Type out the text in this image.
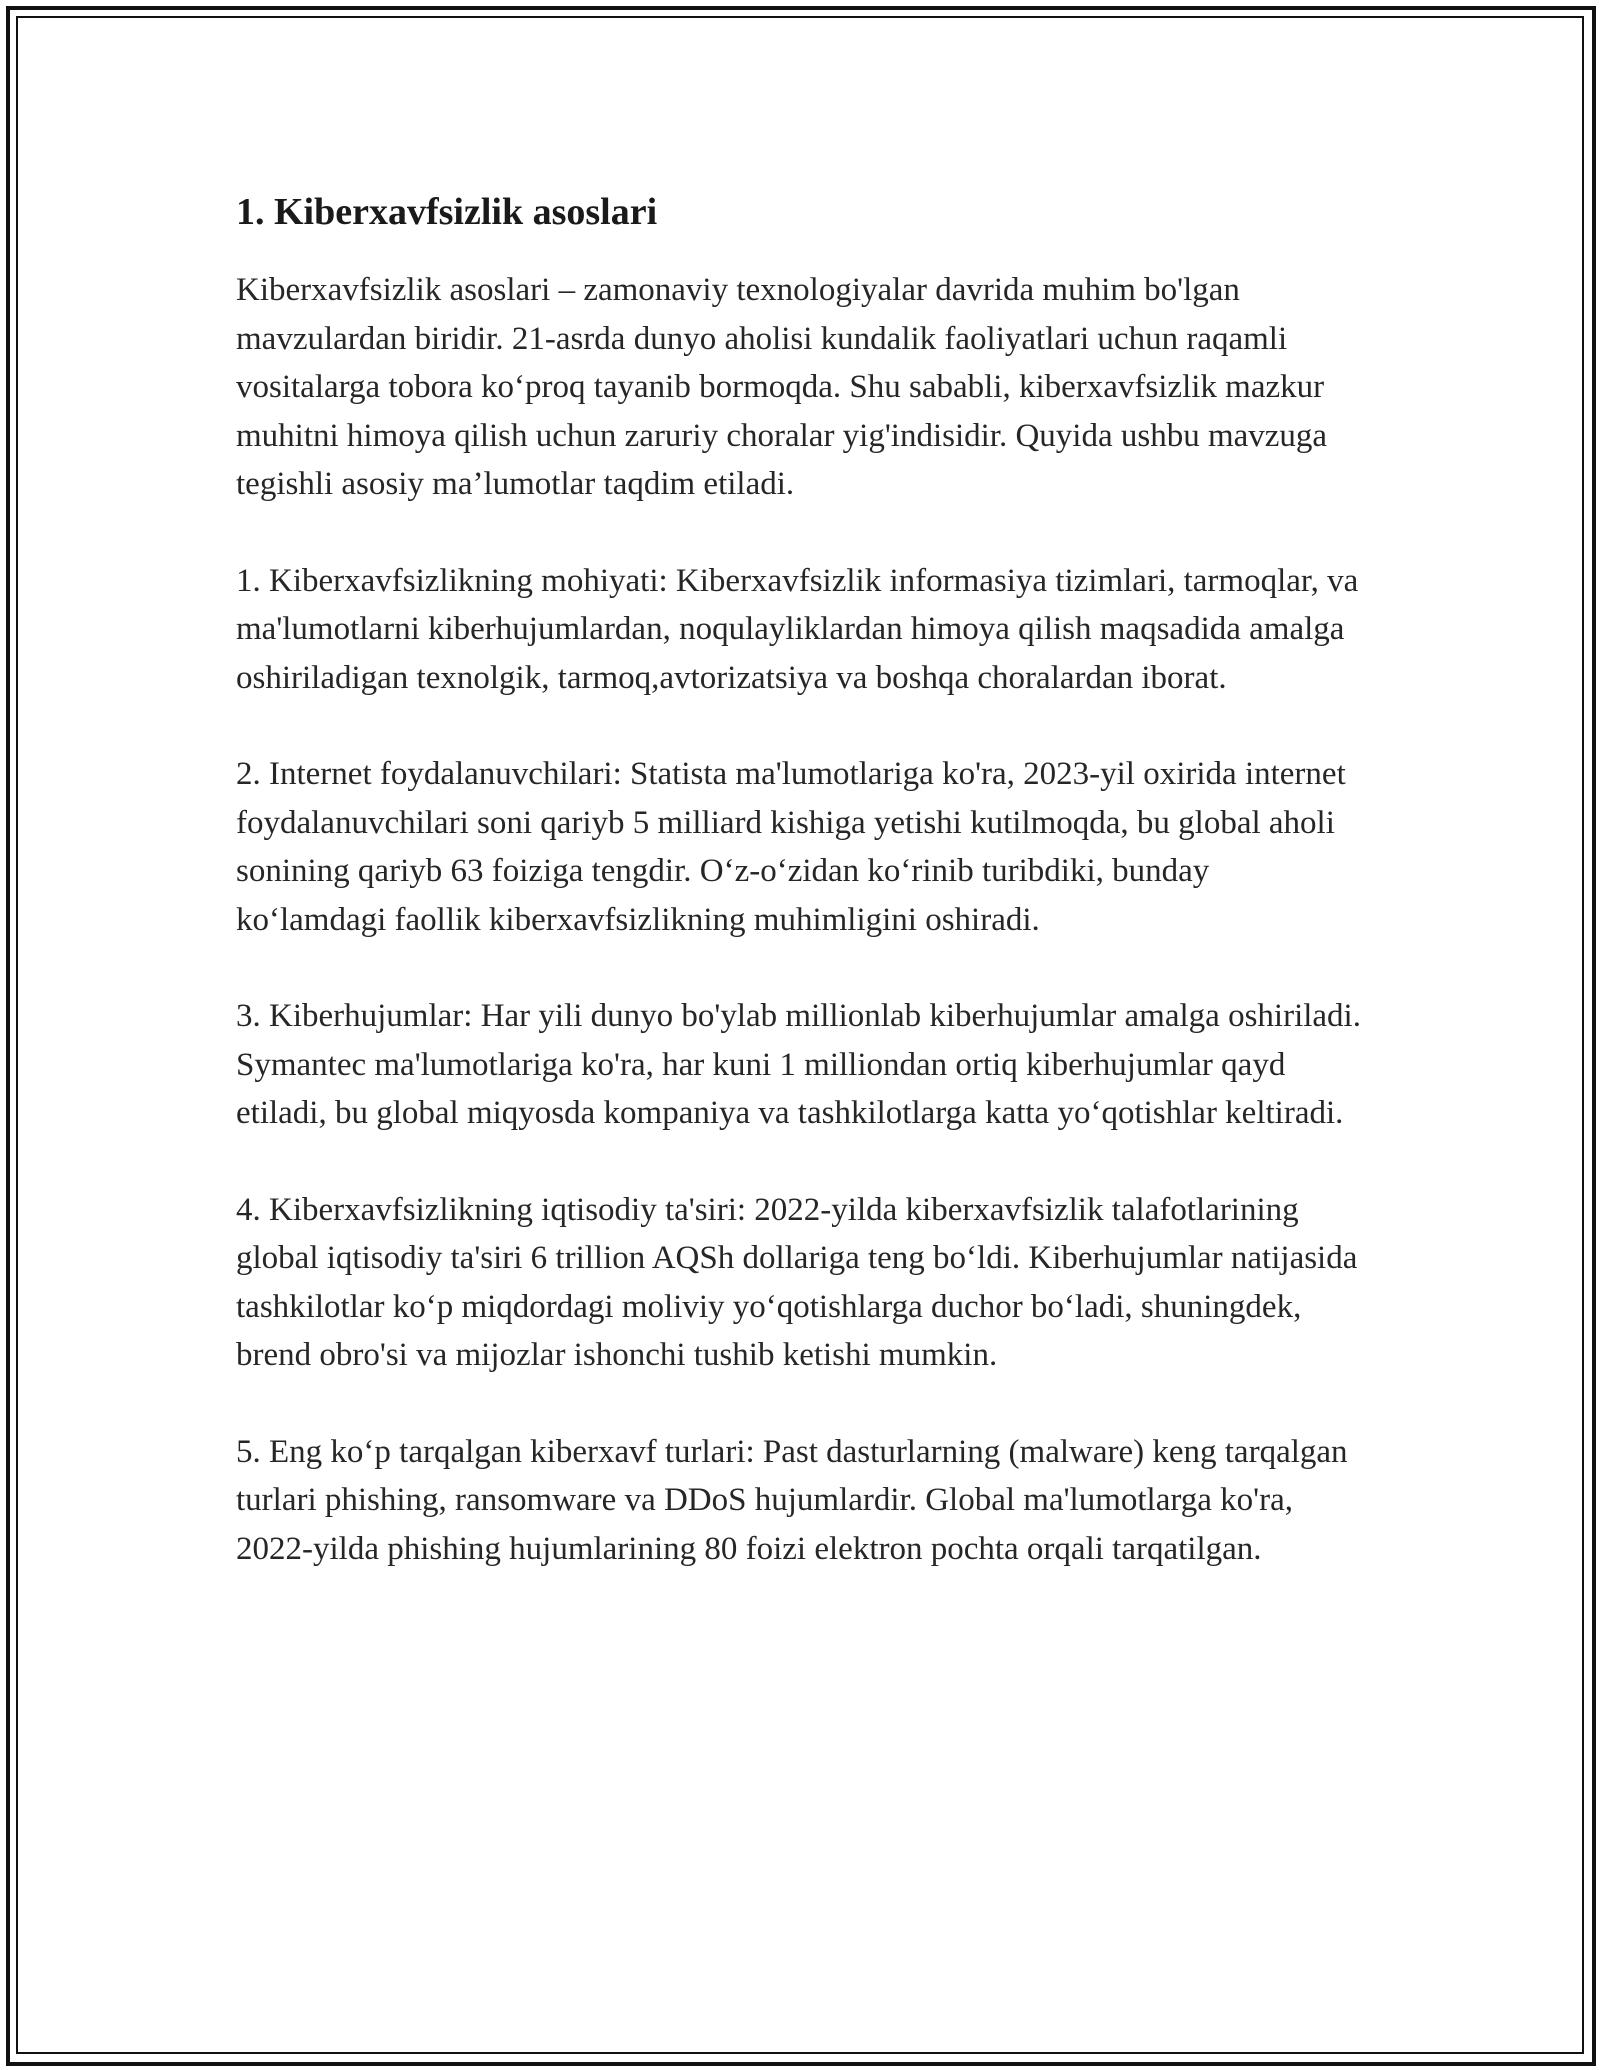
1. Kiberxavfsizlik asoslari

Kiberxavfsizlik asoslari – zamonaviy texnologiyalar davrida muhim bo'lgan mavzulardan biridir. 21-asrda dunyo aholisi kundalik faoliyatlari uchun raqamli vositalarga tobora ko‘proq tayanib bormoqda. Shu sababli, kiberxavfsizlik mazkur muhitni himoya qilish uchun zaruriy choralar yig'indisidir. Quyida ushbu mavzuga tegishli asosiy ma’lumotlar taqdim etiladi.

1. Kiberxavfsizlikning mohiyati: Kiberxavfsizlik informasiya tizimlari, tarmoqlar, va ma'lumotlarni kiberhujumlardan, noqulayliklardan himoya qilish maqsadida amalga oshiriladigan texnolgik, tarmoq,avtorizatsiya va boshqa choralardan iborat.

2. Internet foydalanuvchilari: Statista ma'lumotlariga ko'ra, 2023-yil oxirida internet foydalanuvchilari soni qariyb 5 milliard kishiga yetishi kutilmoqda, bu global aholi sonining qariyb 63 foiziga tengdir. O‘z-o‘zidan ko‘rinib turibdiki, bunday ko‘lamdagi faollik kiberxavfsizlikning muhimligini oshiradi.

3. Kiberhujumlar: Har yili dunyo bo'ylab millionlab kiberhujumlar amalga oshiriladi. Symantec ma'lumotlariga ko'ra, har kuni 1 milliondan ortiq kiberhujumlar qayd etiladi, bu global miqyosda kompaniya va tashkilotlarga katta yo‘qotishlar keltiradi.

4. Kiberxavfsizlikning iqtisodiy ta'siri: 2022-yilda kiberxavfsizlik talafotlarining global iqtisodiy ta'siri 6 trillion AQSh dollariga teng bo‘ldi. Kiberhujumlar natijasida tashkilotlar ko‘p miqdordagi moliviy yo‘qotishlarga duchor bo‘ladi, shuningdek, brend obro'si va mijozlar ishonchi tushib ketishi mumkin.

5. Eng ko‘p tarqalgan kiberxavf turlari: Past dasturlarning (malware) keng tarqalgan turlari phishing, ransomware va DDoS hujumlardir. Global ma'lumotlarga ko'ra, 2022-yilda phishing hujumlarining 80 foizi elektron pochta orqali tarqatilgan.
